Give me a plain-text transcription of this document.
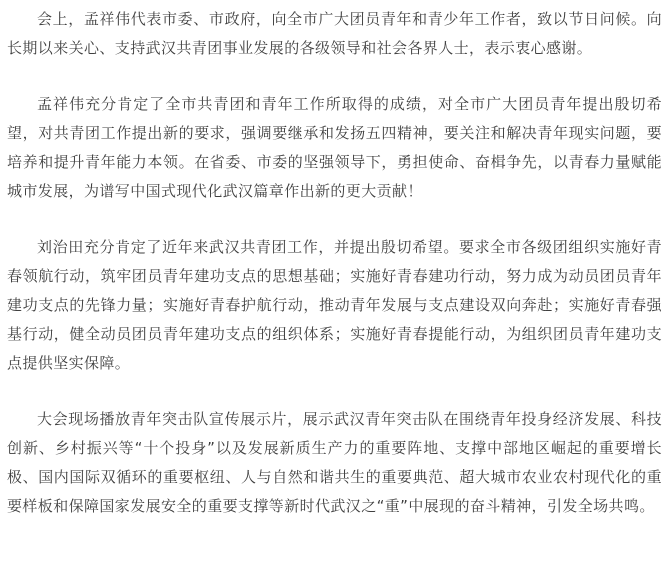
会上，孟祥伟代表市委、市政府，向全市广大团员青年和青少年工作者，致以节日问候。向长期以来关心、支持武汉共青团事业发展的各级领导和社会各界人士，表示衷心感谢。

孟祥伟充分肯定了全市共青团和青年工作所取得的成绩，对全市广大团员青年提出殷切希望，对共青团工作提出新的要求，强调要继承和发扬五四精神，要关注和解决青年现实问题，要培养和提升青年能力本领。在省委、市委的坚强领导下，勇担使命、奋楫争先，以青春力量赋能城市发展，为谱写中国式现代化武汉篇章作出新的更大贡献！

刘治田充分肯定了近年来武汉共青团工作，并提出殷切希望。要求全市各级团组织实施好青春领航行动，筑牢团员青年建功支点的思想基础；实施好青春建功行动，努力成为动员团员青年建功支点的先锋力量；实施好青春护航行动，推动青年发展与支点建设双向奔赴；实施好青春强基行动，健全动员团员青年建功支点的组织体系；实施好青春提能行动，为组织团员青年建功支点提供坚实保障。

大会现场播放青年突击队宣传展示片，展示武汉青年突击队在围绕青年投身经济发展、科技创新、乡村振兴等“十个投身”以及发展新质生产力的重要阵地、支撑中部地区崛起的重要增长极、国内国际双循环的重要枢纽、人与自然和谐共生的重要典范、超大城市农业农村现代化的重要样板和保障国家发展安全的重要支撑等新时代武汉之“重”中展现的奋斗精神，引发全场共鸣。
